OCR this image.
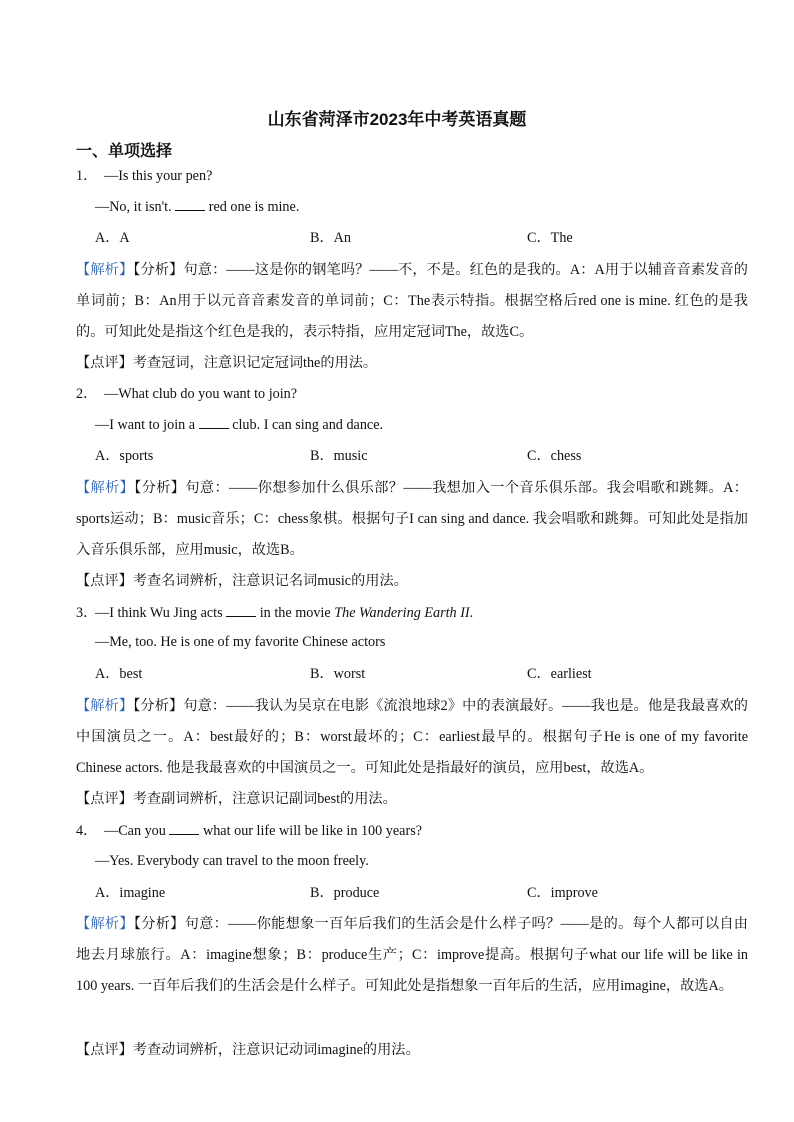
山东省菏泽市2023年中考英语真题
一、单项选择
1． —Is this your pen?
—No, it isn't.	red one is mine.
A．A	B．An	C．The
【解析】【分析】句意：——这是你的钢笔吗？——不，不是。红色的是我的。A：A用于以辅音音素发音的单词前；B：An用于以元音音素发音的单词前；C：The表示特指。根据空格后red one is mine. 红色的是我的。可知此处是指这个红色是我的，表示特指，应用定冠词The，故选C。
【点评】考查冠词，注意识记定冠词the的用法。
2． —What club do you want to join?
—I want to join a	club. I can sing and dance.
A．sports	B．music	C．chess
【解析】【分析】句意：——你想参加什么俱乐部？——我想加入一个音乐俱乐部。我会唱歌和跳舞。A：sports运动；B：music音乐；C：chess象棋。根据句子I can sing and dance. 我会唱歌和跳舞。可知此处是指加入音乐俱乐部，应用music，故选B。
【点评】考查名词辨析，注意识记名词music的用法。
3．—I think Wu Jing acts	in the movie The Wandering Earth II.
—Me, too. He is one of my favorite Chinese actors
A．best	B．worst	C．earliest
【解析】【分析】句意：——我认为吴京在电影《流浪地球2》中的表演最好。——我也是。他是我最喜欢的中国演员之一。A：best最好的；B：worst最坏的；C：earliest最早的。根据句子He is one of my favorite Chinese actors. 他是我最喜欢的中国演员之一。可知此处是指最好的演员，应用best，故选A。
【点评】考查副词辨析，注意识记副词best的用法。
4． —Can you	what our life will be like in 100 years?
—Yes. Everybody can travel to the moon freely.
A．imagine	B．produce	C．improve
【解析】【分析】句意：——你能想象一百年后我们的生活会是什么样子吗？——是的。每个人都可以自由地去月球旅行。A：imagine想象；B：produce生产；C：improve提高。根据句子what our life will be like in 100 years. 一百年后我们的生活会是什么样子。可知此处是指想象一百年后的生活，应用imagine，故选A。
【点评】考查动词辨析，注意识记动词imagine的用法。
